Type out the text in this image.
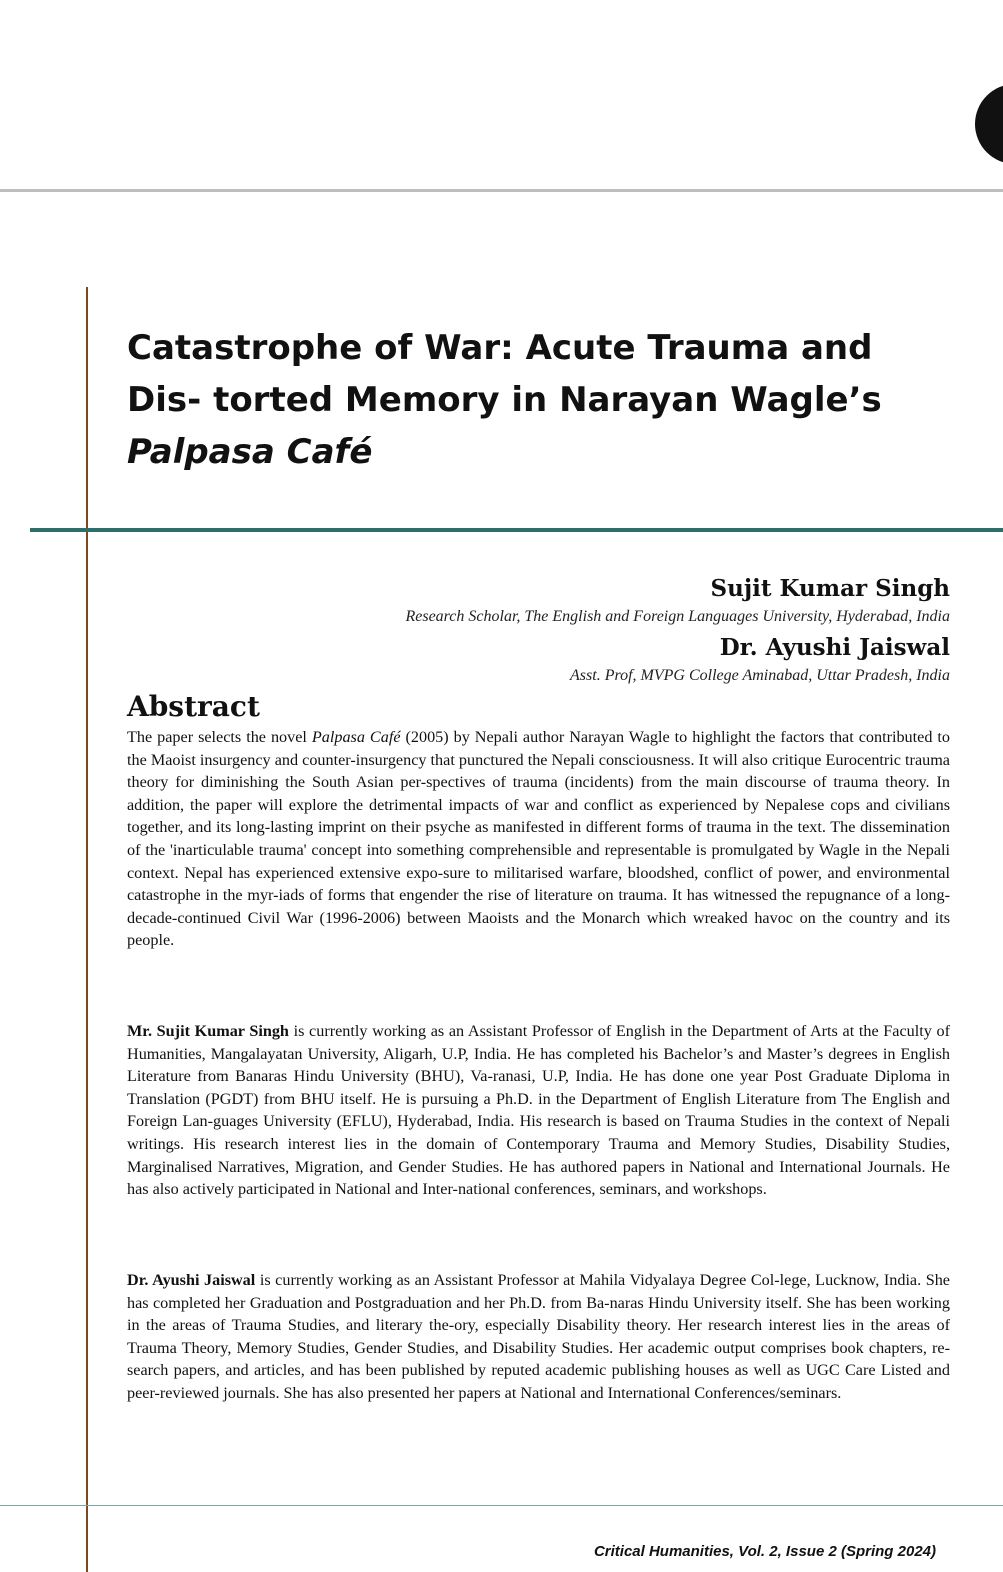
Catastrophe of War: Acute Trauma and Dis- torted Memory in Narayan Wagle’s Palpasa Café
Sujit Kumar Singh
Research Scholar, The English and Foreign Languages University, Hyderabad, India
Dr. Ayushi Jaiswal
Asst. Prof, MVPG College Aminabad, Uttar Pradesh, India
Abstract

The paper selects the novel Palpasa Café (2005) by Nepali author Narayan Wagle to highlight the factors that contributed to the Maoist insurgency and counter-insurgency that punctured the Nepali consciousness. It will also critique Eurocentric trauma theory for diminishing the South Asian per-spectives of trauma (incidents) from the main discourse of trauma theory. In addition, the paper will explore the detrimental impacts of war and conflict as experienced by Nepalese cops and civilians together, and its long-lasting imprint on their psyche as manifested in different forms of trauma in the text. The dissemination of the 'inarticulable trauma' concept into something comprehensible and representable is promulgated by Wagle in the Nepali context. Nepal has experienced extensive expo-sure to militarised warfare, bloodshed, conflict of power, and environmental catastrophe in the myr-iads of forms that engender the rise of literature on trauma. It has witnessed the repugnance of a long-decade-continued Civil War (1996-2006) between Maoists and the Monarch which wreaked havoc on the country and its people.

Mr. Sujit Kumar Singh is currently working as an Assistant Professor of English in the Department of Arts at the Faculty of Humanities, Mangalayatan University, Aligarh, U.P, India. He has completed his Bachelor’s and Master’s degrees in English Literature from Banaras Hindu University (BHU), Va-ranasi, U.P, India. He has done one year Post Graduate Diploma in Translation (PGDT) from BHU itself. He is pursuing a Ph.D. in the Department of English Literature from The English and Foreign Lan-guages University (EFLU), Hyderabad, India. His research is based on Trauma Studies in the context of Nepali writings. His research interest lies in the domain of Contemporary Trauma and Memory Studies, Disability Studies, Marginalised Narratives, Migration, and Gender Studies. He has authored papers in National and International Journals. He has also actively participated in National and Inter-national conferences, seminars, and workshops.

Dr. Ayushi Jaiswal is currently working as an Assistant Professor at Mahila Vidyalaya Degree Col-lege, Lucknow, India. She has completed her Graduation and Postgraduation and her Ph.D. from Ba-naras Hindu University itself. She has been working in the areas of Trauma Studies, and literary the-ory, especially Disability theory. Her research interest lies in the areas of Trauma Theory, Memory Studies, Gender Studies, and Disability Studies. Her academic output comprises book chapters, re-search papers, and articles, and has been published by reputed academic publishing houses as well as UGC Care Listed and peer-reviewed journals. She has also presented her papers at National and International Conferences/seminars.

Critical Humanities, Vol. 2, Issue 2 (Spring 2024)
